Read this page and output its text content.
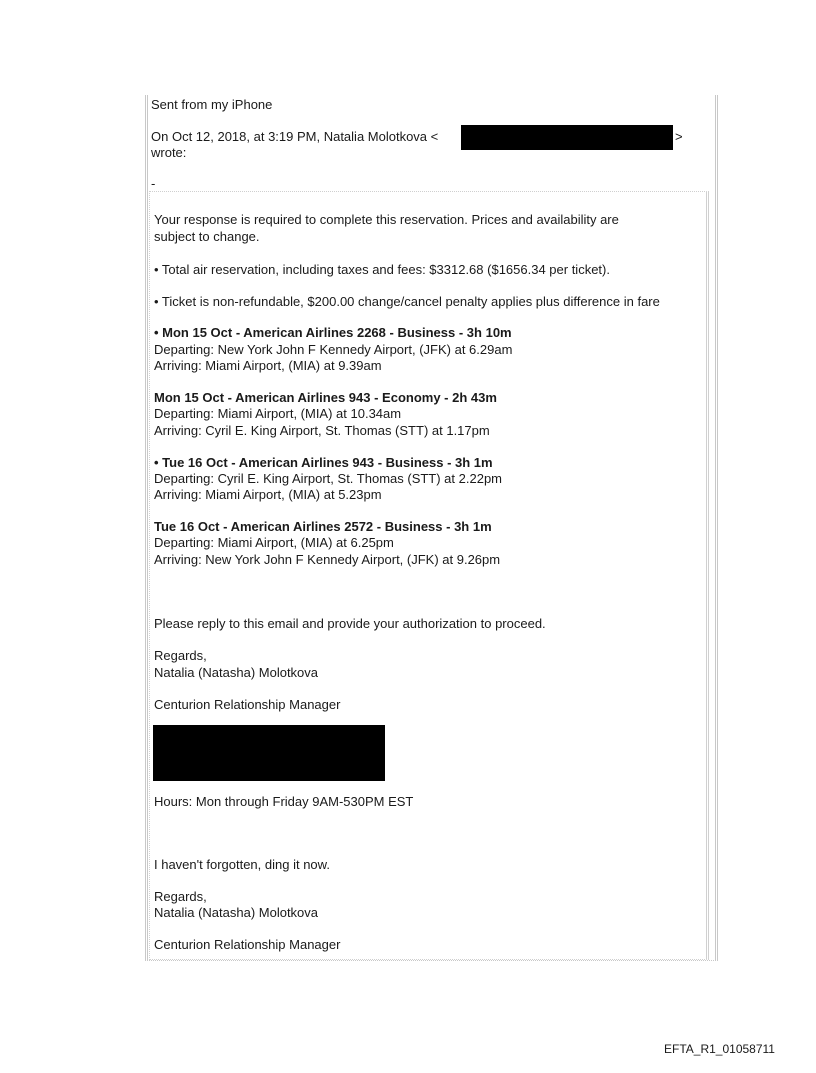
Sent from my iPhone
On Oct 12, 2018, at 3:19 PM, Natalia Molotkova <	>
wrote:
-
Your response is required to complete this reservation. Prices and availability are
subject to change.
• Total air reservation, including taxes and fees: $3312.68 ($1656.34 per ticket).
• Ticket is non-refundable, $200.00 change/cancel penalty applies plus difference in fare
• Mon 15 Oct - American Airlines 2268 - Business - 3h 10m
Departing: New York John F Kennedy Airport, (JFK) at 6.29am
Arriving: Miami Airport, (MIA) at 9.39am
Mon 15 Oct - American Airlines 943 - Economy - 2h 43m
Departing: Miami Airport, (MIA) at 10.34am
Arriving: Cyril E. King Airport, St. Thomas (STT) at 1.17pm
• Tue 16 Oct - American Airlines 943 - Business - 3h 1m
Departing: Cyril E. King Airport, St. Thomas (STT) at 2.22pm
Arriving: Miami Airport, (MIA) at 5.23pm
Tue 16 Oct - American Airlines 2572 - Business - 3h 1m
Departing: Miami Airport, (MIA) at 6.25pm
Arriving: New York John F Kennedy Airport, (JFK) at 9.26pm
Please reply to this email and provide your authorization to proceed.
Regards,
Natalia (Natasha) Molotkova
Centurion Relationship Manager
Hours: Mon through Friday 9AM-530PM EST
I haven't forgotten, ding it now.
Regards,
Natalia (Natasha) Molotkova
Centurion Relationship Manager
EFTA_R1_01058711
